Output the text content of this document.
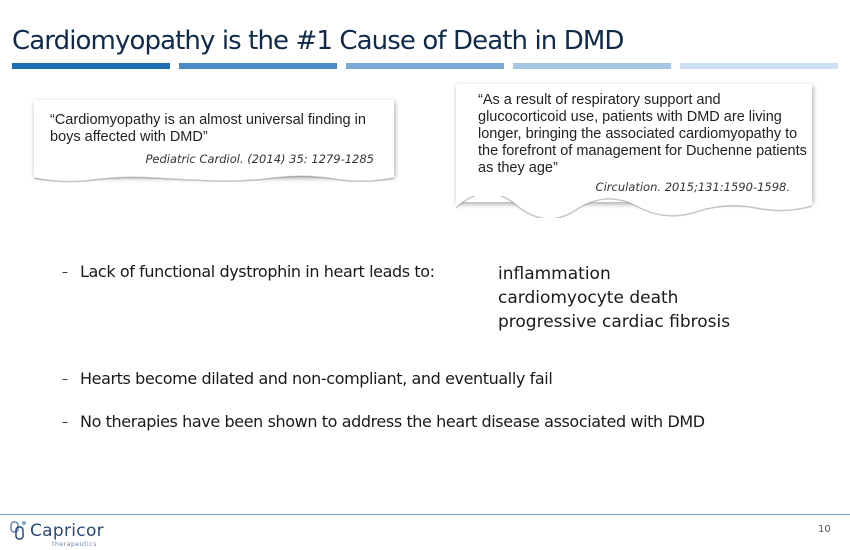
Cardiomyopathy is the #1 Cause of Death in DMD
“Cardiomyopathy is an almost universal finding in boys affected with DMD”
Pediatric Cardiol. (2014) 35: 1279-1285
“As a result of respiratory support and glucocorticoid use, patients with DMD are living longer, bringing the associated cardiomyopathy to the forefront of management for Duchenne patients as they age”
Circulation. 2015;131:1590-1598.
– Lack of functional dystrophin in heart leads to:	inflammation
cardiomyocyte death
progressive cardiac fibrosis
– Hearts become dilated and non-compliant, and eventually fail
– No therapies have been shown to address the heart disease associated with DMD
Capricor
therapeutics
10
